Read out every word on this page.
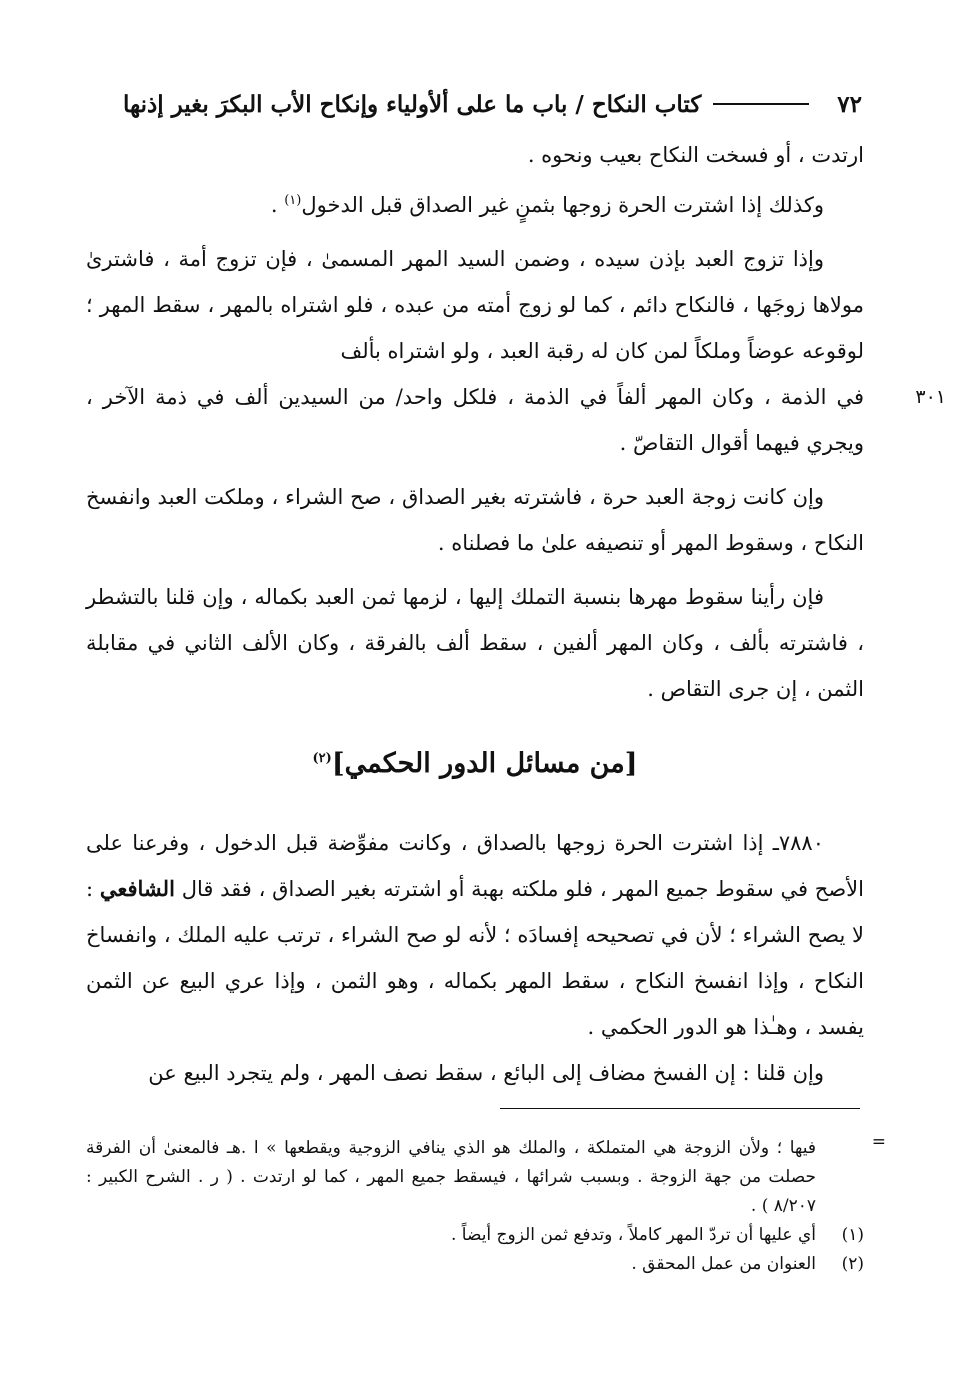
٧٢
كتاب النكاح / باب ما على ألأولياء وإنكاح الأب البكرَ بغير إذنها

ارتدت ، أو فسخت النكاح بعيب ونحوه .

وكذلك إذا اشترت الحرة زوجها بثمنٍ غير الصداق قبل الدخول$^{(١)}$ .

وإذا تزوج العبد بإذن سيده ، وضمن السيد المهر المسمىٰ ، فإن تزوج أمة ، فاشترىٰ مولاها زوجَها ، فالنكاح دائم ، كما لو زوج أمته من عبده ، فلو اشتراه بالمهر ، سقط المهر ؛ لوقوعه عوضاً وملكاً لمن كان له رقبة العبد ، ولو اشتراه بألف

٣٠١

في الذمة ، وكان المهر ألفاً في الذمة ، فلكل واحد/ من السيدين ألف في ذمة الآخر ، ويجري فيهما أقوال التقاصّ .

وإن كانت زوجة العبد حرة ، فاشترته بغير الصداق ، صح الشراء ، وملكت العبد وانفسخ النكاح ، وسقوط المهر أو تنصيفه علىٰ ما فصلناه .

فإن رأينا سقوط مهرها بنسبة التملك إليها ، لزمها ثمن العبد بكماله ، وإن قلنا بالتشطر ، فاشترته بألف ، وكان المهر ألفين ، سقط ألف بالفرقة ، وكان الألف الثاني في مقابلة الثمن ، إن جرى التقاص .

[من مسائل الدور الحكمي]$^{(٢)}$

٧٨٨٠ـ إذا اشترت الحرة زوجها بالصداق ، وكانت مفوِّضة قبل الدخول ، وفرعنا على الأصح في سقوط جميع المهر ، فلو ملكته بهبة أو اشترته بغير الصداق ، فقد قال الشافعي : لا يصح الشراء ؛ لأن في تصحيحه إفسادَه ؛ لأنه لو صح الشراء ، ترتب عليه الملك ، وانفساخ النكاح ، وإذا انفسخ النكاح ، سقط المهر بكماله ، وهو الثمن ، وإذا عري البيع عن الثمن يفسد ، وهـٰذا هو الدور الحكمي .

وإن قلنا : إن الفسخ مضاف إلى البائع ، سقط نصف المهر ، ولم يتجرد البيع عن

=

فيها ؛ ولأن الزوجة هي المتملكة ، والملك هو الذي ينافي الزوجية ويقطعها » ا .هـ فالمعنىٰ أن الفرقة حصلت من جهة الزوجة . وبسبب شرائها ، فيسقط جميع المهر ، كما لو ارتدت . ( ر . الشرح الكبير : ٨/٢٠٧ ) .

(١)
أي عليها أن تردّ المهر كاملاً ، وتدفع ثمن الزوج أيضاً .
(٢)
العنوان من عمل المحقق .
